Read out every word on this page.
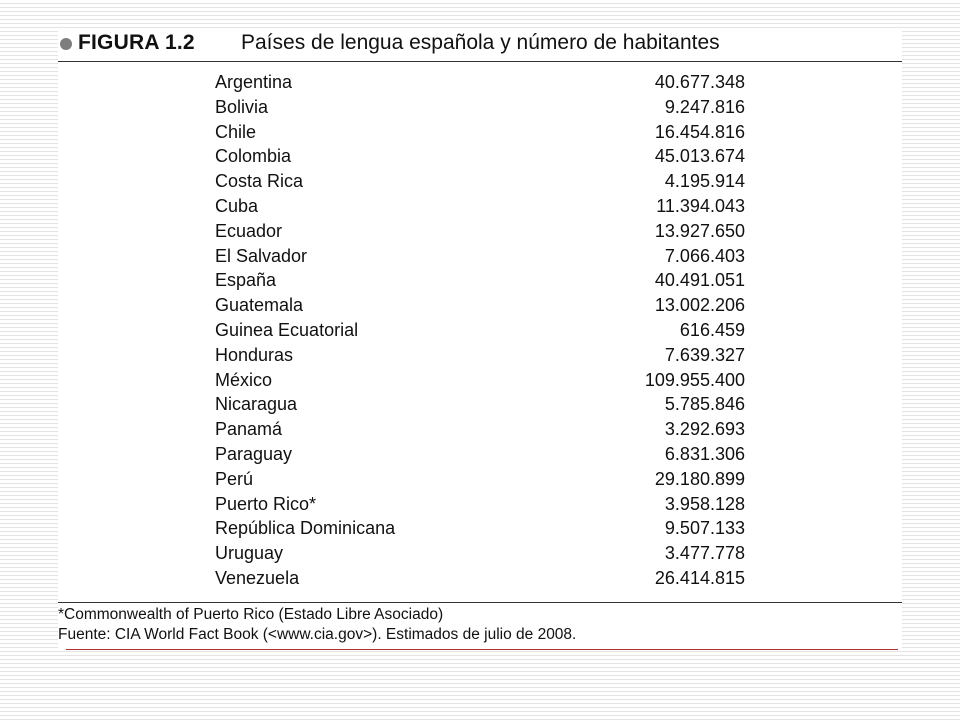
FIGURA 1.2 Países de lengua española y número de habitantes
Argentina	40.677.348
Bolivia	9.247.816
Chile	16.454.816
Colombia	45.013.674
Costa Rica	4.195.914
Cuba	11.394.043
Ecuador	13.927.650
El Salvador	7.066.403
España	40.491.051
Guatemala	13.002.206
Guinea Ecuatorial	616.459
Honduras	7.639.327
México	109.955.400
Nicaragua	5.785.846
Panamá	3.292.693
Paraguay	6.831.306
Perú	29.180.899
Puerto Rico*	3.958.128
República Dominicana	9.507.133
Uruguay	3.477.778
Venezuela	26.414.815
*Commonwealth of Puerto Rico (Estado Libre Asociado)
Fuente: CIA World Fact Book (<www.cia.gov>). Estimados de julio de 2008.
